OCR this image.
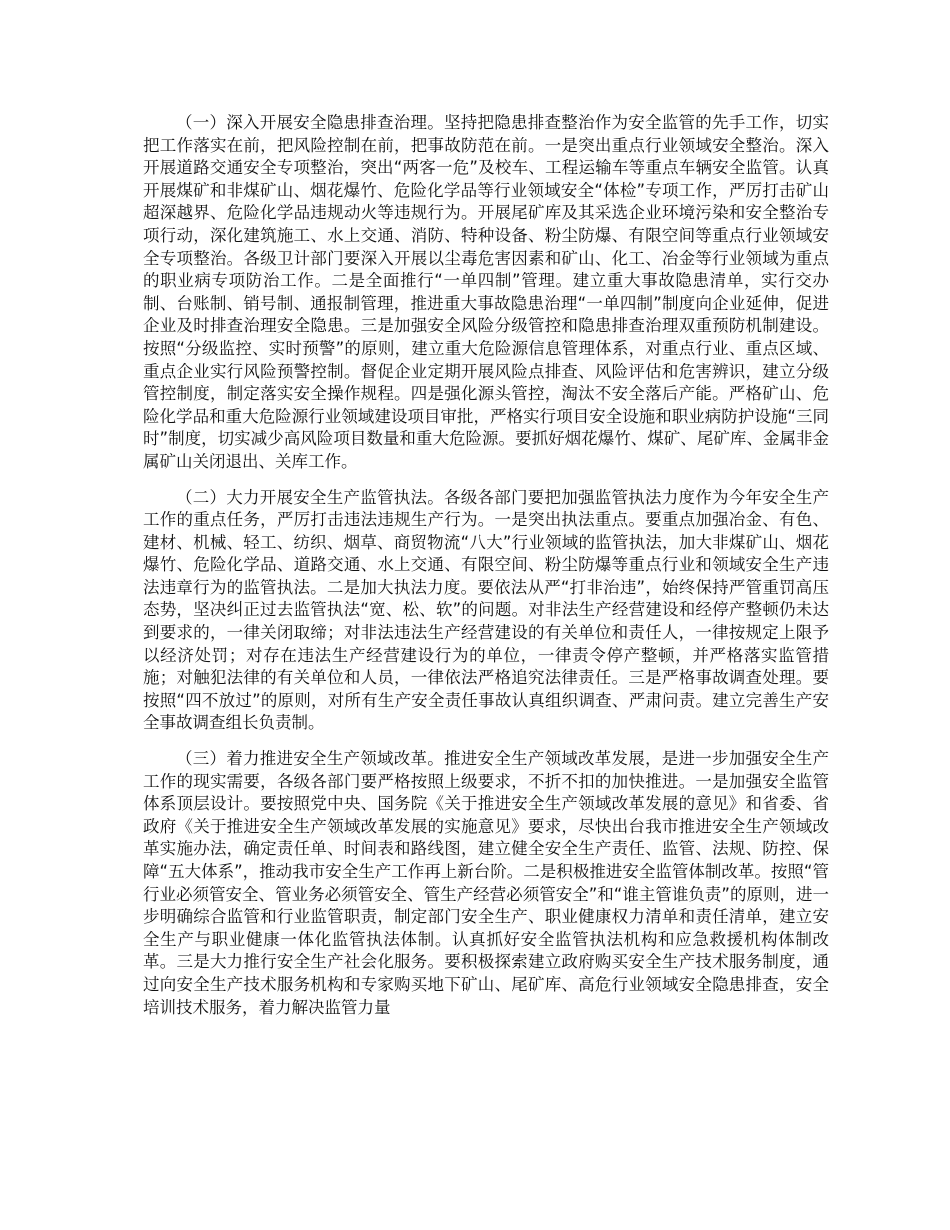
（一）深入开展安全隐患排查治理。坚持把隐患排查整治作为安全监管的先手工作，切实把工作落实在前，把风险控制在前，把事故防范在前。一是突出重点行业领域安全整治。深入开展道路交通安全专项整治，突出“两客一危”及校车、工程运输车等重点车辆安全监管。认真开展煤矿和非煤矿山、烟花爆竹、危险化学品等行业领域安全“体检”专项工作，严厉打击矿山超深越界、危险化学品违规动火等违规行为。开展尾矿库及其采选企业环境污染和安全整治专项行动，深化建筑施工、水上交通、消防、特种设备、粉尘防爆、有限空间等重点行业领域安全专项整治。各级卫计部门要深入开展以尘毒危害因素和矿山、化工、冶金等行业领域为重点的职业病专项防治工作。二是全面推行“一单四制”管理。建立重大事故隐患清单，实行交办制、台账制、销号制、通报制管理，推进重大事故隐患治理“一单四制”制度向企业延伸，促进企业及时排查治理安全隐患。三是加强安全风险分级管控和隐患排查治理双重预防机制建设。按照“分级监控、实时预警”的原则，建立重大危险源信息管理体系，对重点行业、重点区域、重点企业实行风险预警控制。督促企业定期开展风险点排查、风险评估和危害辨识，建立分级管控制度，制定落实安全操作规程。四是强化源头管控，淘汰不安全落后产能。严格矿山、危险化学品和重大危险源行业领域建设项目审批，严格实行项目安全设施和职业病防护设施“三同时”制度，切实减少高风险项目数量和重大危险源。要抓好烟花爆竹、煤矿、尾矿库、金属非金属矿山关闭退出、关库工作。

（二）大力开展安全生产监管执法。各级各部门要把加强监管执法力度作为今年安全生产工作的重点任务，严厉打击违法违规生产行为。一是突出执法重点。要重点加强冶金、有色、建材、机械、轻工、纺织、烟草、商贸物流“八大”行业领域的监管执法，加大非煤矿山、烟花爆竹、危险化学品、道路交通、水上交通、有限空间、粉尘防爆等重点行业和领域安全生产违法违章行为的监管执法。二是加大执法力度。要依法从严“打非治违”，始终保持严管重罚高压态势，坚决纠正过去监管执法“宽、松、软”的问题。对非法生产经营建设和经停产整顿仍未达到要求的，一律关闭取缔；对非法违法生产经营建设的有关单位和责任人，一律按规定上限予以经济处罚；对存在违法生产经营建设行为的单位，一律责令停产整顿，并严格落实监管措施；对触犯法律的有关单位和人员，一律依法严格追究法律责任。三是严格事故调查处理。要按照“四不放过”的原则，对所有生产安全责任事故认真组织调查、严肃问责。建立完善生产安全事故调查组长负责制。

（三）着力推进安全生产领域改革。推进安全生产领域改革发展，是进一步加强安全生产工作的现实需要，各级各部门要严格按照上级要求，不折不扣的加快推进。一是加强安全监管体系顶层设计。要按照党中央、国务院《关于推进安全生产领域改革发展的意见》和省委、省政府《关于推进安全生产领域改革发展的实施意见》要求，尽快出台我市推进安全生产领域改革实施办法，确定责任单、时间表和路线图，建立健全安全生产责任、监管、法规、防控、保障“五大体系”，推动我市安全生产工作再上新台阶。二是积极推进安全监管体制改革。按照“管行业必须管安全、管业务必须管安全、管生产经营必须管安全”和“谁主管谁负责”的原则，进一步明确综合监管和行业监管职责，制定部门安全生产、职业健康权力清单和责任清单，建立安全生产与职业健康一体化监管执法体制。认真抓好安全监管执法机构和应急救援机构体制改革。三是大力推行安全生产社会化服务。要积极探索建立政府购买安全生产技术服务制度，通过向安全生产技术服务机构和专家购买地下矿山、尾矿库、高危行业领域安全隐患排查，安全培训技术服务，着力解决监管力量
